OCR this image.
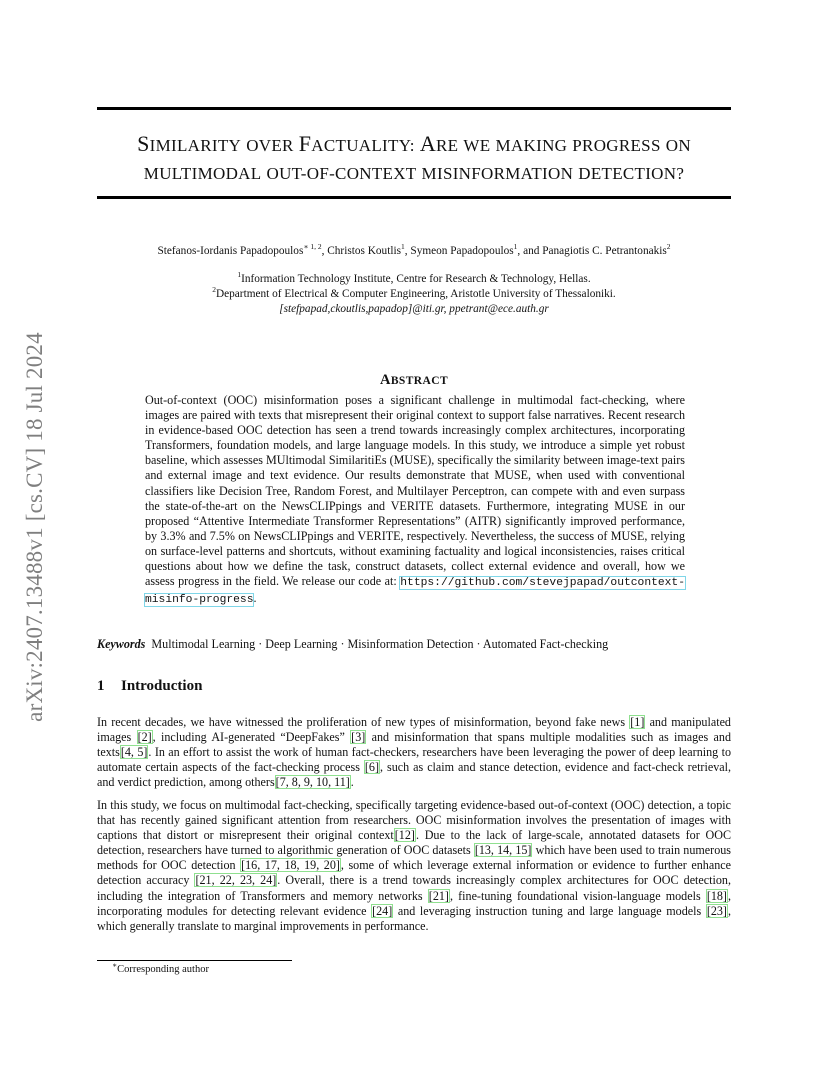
arXiv:2407.13488v1 [cs.CV] 18 Jul 2024
SIMILARITY OVER FACTUALITY: ARE WE MAKING PROGRESS ON
MULTIMODAL OUT-OF-CONTEXT MISINFORMATION DETECTION?
Stefanos-Iordanis Papadopoulos$^{∗ 1, 2}$, Christos Koutlis$^1$, Symeon Papadopoulos$^1$, and Panagiotis C. Petrantonakis$^2$
$^1$Information Technology Institute, Centre for Research & Technology, Hellas.
$^2$Department of Electrical & Computer Engineering, Aristotle University of Thessaloniki.
[stefpapad,ckoutlis,papadop]@iti.gr, ppetrant@ece.auth.gr
ABSTRACT

Out-of-context (OOC) misinformation poses a significant challenge in multimodal fact-checking, where images are paired with texts that misrepresent their original context to support false narratives. Recent research in evidence-based OOC detection has seen a trend towards increasingly complex architectures, incorporating Transformers, foundation models, and large language models. In this study, we introduce a simple yet robust baseline, which assesses MUltimodal SimilaritiEs (MUSE), specifically the similarity between image-text pairs and external image and text evidence. Our results demonstrate that MUSE, when used with conventional classifiers like Decision Tree, Random Forest, and Multilayer Perceptron, can compete with and even surpass the state-of-the-art on the NewsCLIPpings and VERITE datasets. Furthermore, integrating MUSE in our proposed “Attentive Intermediate Transformer Representations” (AITR) significantly improved performance, by 3.3% and 7.5% on NewsCLIPpings and VERITE, respectively. Nevertheless, the success of MUSE, relying on surface-level patterns and shortcuts, without examining factuality and logical inconsistencies, raises critical questions about how we define the task, construct datasets, collect external evidence and overall, how we assess progress in the field. We release our code at: https://github.com/stevejpapad/outcontext-misinfo-progress.

Keywords Multimodal Learning · Deep Learning · Misinformation Detection · Automated Fact-checking
1 Introduction

In recent decades, we have witnessed the proliferation of new types of misinformation, beyond fake news [1] and manipulated images [2], including AI-generated “DeepFakes” [3] and misinformation that spans multiple modalities such as images and texts[4, 5]. In an effort to assist the work of human fact-checkers, researchers have been leveraging the power of deep learning to automate certain aspects of the fact-checking process [6], such as claim and stance detection, evidence and fact-check retrieval, and verdict prediction, among others[7, 8, 9, 10, 11].

In this study, we focus on multimodal fact-checking, specifically targeting evidence-based out-of-context (OOC) detection, a topic that has recently gained significant attention from researchers. OOC misinformation involves the presentation of images with captions that distort or misrepresent their original context[12]. Due to the lack of large-scale, annotated datasets for OOC detection, researchers have turned to algorithmic generation of OOC datasets [13, 14, 15] which have been used to train numerous methods for OOC detection [16, 17, 18, 19, 20], some of which leverage external information or evidence to further enhance detection accuracy [21, 22, 23, 24]. Overall, there is a trend towards increasingly complex architectures for OOC detection, including the integration of Transformers and memory networks [21], fine-tuning foundational vision-language models [18], incorporating modules for detecting relevant evidence [24] and leveraging instruction tuning and large language models [23], which generally translate to marginal improvements in performance.

∗Corresponding author
